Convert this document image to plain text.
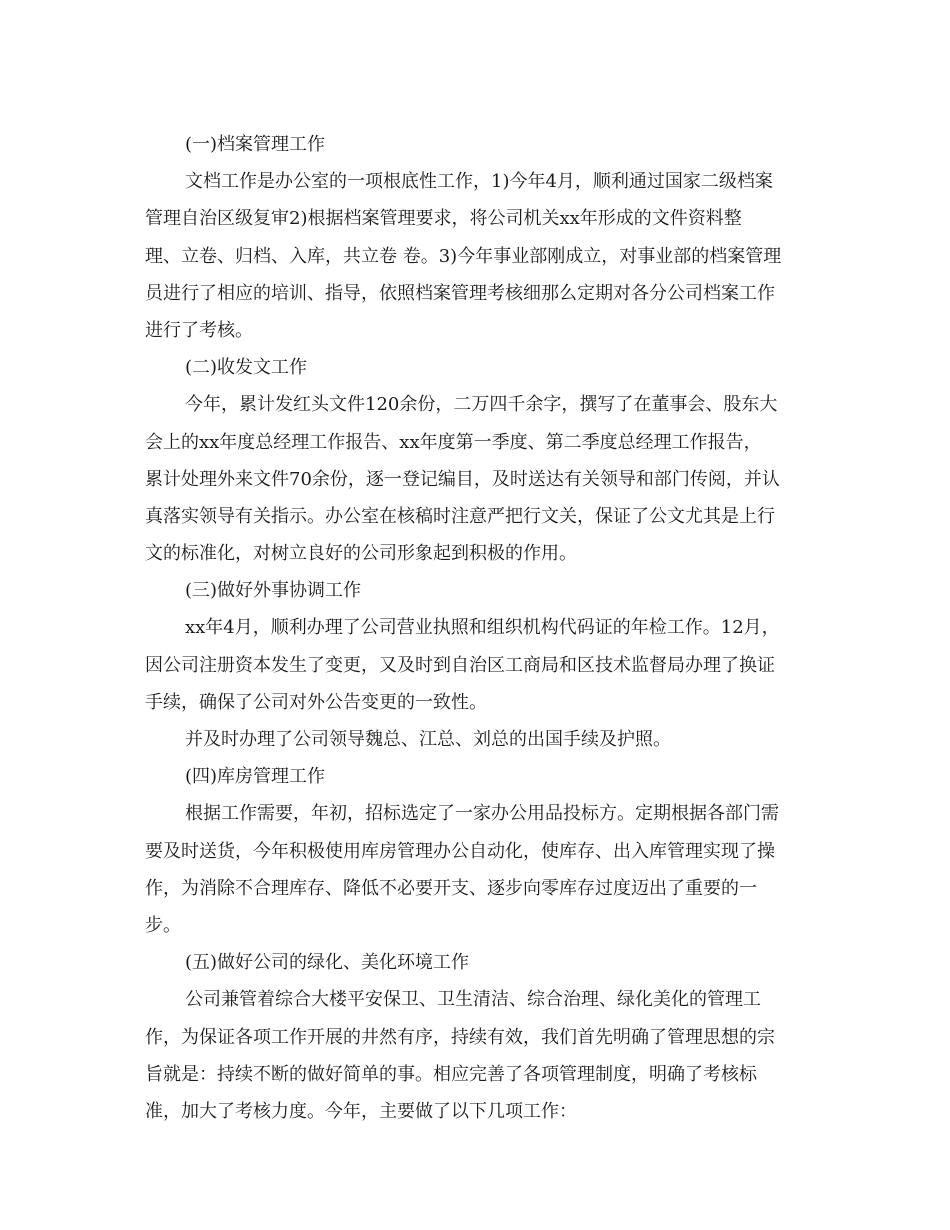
(一)档案管理工作
文档工作是办公室的一项根底性工作，1)今年4月，顺利通过国家二级档案
管理自治区级复审2)根据档案管理要求，将公司机关xx年形成的文件资料整
理、立卷、归档、入库，共立卷 卷。3)今年事业部刚成立，对事业部的档案管理
员进行了相应的培训、指导，依照档案管理考核细那么定期对各分公司档案工作
进行了考核。
(二)收发文工作
今年，累计发红头文件120余份，二万四千余字，撰写了在董事会、股东大
会上的xx年度总经理工作报告、xx年度第一季度、第二季度总经理工作报告，
累计处理外来文件70余份，逐一登记编目，及时送达有关领导和部门传阅，并认
真落实领导有关指示。办公室在核稿时注意严把行文关，保证了公文尤其是上行
文的标准化，对树立良好的公司形象起到积极的作用。
(三)做好外事协调工作
xx年4月，顺利办理了公司营业执照和组织机构代码证的年检工作。12月，
因公司注册资本发生了变更，又及时到自治区工商局和区技术监督局办理了换证
手续，确保了公司对外公告变更的一致性。
并及时办理了公司领导魏总、江总、刘总的出国手续及护照。
(四)库房管理工作
根据工作需要，年初，招标选定了一家办公用品投标方。定期根据各部门需
要及时送货，今年积极使用库房管理办公自动化，使库存、出入库管理实现了操
作，为消除不合理库存、降低不必要开支、逐步向零库存过度迈出了重要的一
步。
(五)做好公司的绿化、美化环境工作
公司兼管着综合大楼平安保卫、卫生清洁、综合治理、绿化美化的管理工
作，为保证各项工作开展的井然有序，持续有效，我们首先明确了管理思想的宗
旨就是：持续不断的做好简单的事。相应完善了各项管理制度，明确了考核标
准，加大了考核力度。今年，主要做了以下几项工作：
